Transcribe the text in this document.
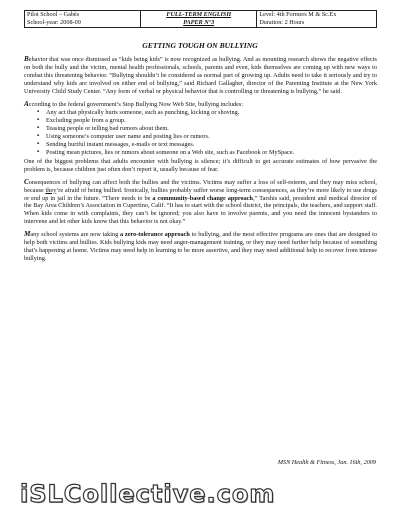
Pilot School – Gabès
School-year: 2008-09

FULL-TERM ENGLISH
PAPER N°3

Level: 4th Formers M & Sc.Ex
Duration: 2 Hours
GETTING TOUGH ON BULLYING

Behavior that was once dismissed as “kids being kids” is now recognized as bullying. And as mounting research shows the negative effects on both the bully and the victim, mental health professionals, schools, parents and even, kids themselves are coming up with new ways to combat this threatening behavior. “Bullying shouldn’t be considered as normal part of growing up. Adults need to take it seriously and try to understand why kids are involved on either end of bullying,” said Richard Gallagher, director of the Parenting Institute at the New York University Child Study Center. “Any form of verbal or physical behavior that is controlling or threatening is bullying,” he said.

According to the federal government’s Stop Bullying Now Web Site, bullying includes:

▪ Any act that physically hurts someone, such as punching, kicking or shoving.
▪ Excluding people from a group.
▪ Teasing people or telling bad rumors about them.
▪ Using someone’s computer user name and posting lies or rumors.
▪ Sending hurtful instant messages, e-mails or text messages.
▪ Posting mean pictures, lies or rumors about someone on a Web site, such as Facebook or MySpace.

One of the biggest problems that adults encounter with bullying is silence; it’s difficult to get accurate estimates of how pervasive the problem is, because children just often don’t report it, usually because of fear.

Consequences of bullying can affect both the bullies and the victims. Victims may suffer a loss of self-esteem, and they may miss school, because they’re afraid of being bullied. Ironically, bullies probably suffer worse long-term consequences, as they’re more likely to use drugs or end up in jail in the future. “There needs to be a community-based change approach,” Tarshis said, president and medical director of the Bay Area Children’s Association in Cupertino, Calif. “It has to start with the school district, the principals, the teachers, and support staff. When kids come in with complaints, they can’t be ignored; you also have to involve parents, and you need the innocent bystanders to intervene and let other kids know that this behavior is not okay.”

Many school systems are now taking a zero-tolerance approach to bullying, and the most effective programs are ones that are designed to help both victims and bullies. Kids bullying kids may need anger-management training, or they may need further help because of something that’s happening at home. Victims may need help in learning to be more assertive, and they may need additional help to recover from intense bullying.

MSN Health & Fitness, Jan. 16th, 2009
iSLCollective.com
